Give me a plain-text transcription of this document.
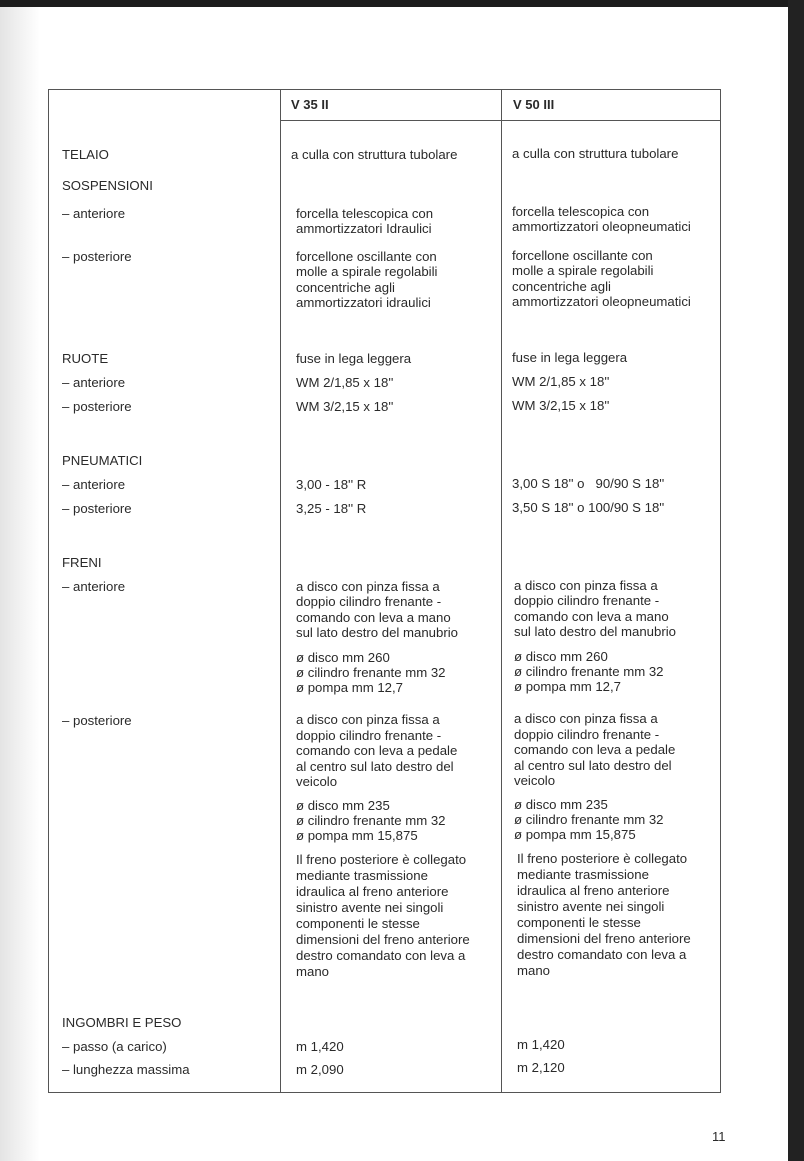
V 35 II	V 50 III
TELAIO
SOSPENSIONI
– anteriore
– posteriore
RUOTE
– anteriore
– posteriore
PNEUMATICI
– anteriore
– posteriore
FRENI
– anteriore
– posteriore
INGOMBRI E PESO
– passo (a carico)
– lunghezza massima
a culla con struttura tubolare
forcella telescopica con
ammortizzatori Idraulici
forcellone oscillante con
molle a spirale regolabili
concentriche agli
ammortizzatori idraulici
fuse in lega leggera
WM 2/1,85 x 18''
WM 3/2,15 x 18''
3,00 - 18'' R
3,25 - 18'' R
a disco con pinza fissa a
doppio cilindro frenante -
comando con leva a mano
sul lato destro del manubrio
ø disco mm 260
ø cilindro frenante mm 32
ø pompa mm 12,7
a disco con pinza fissa a
doppio cilindro frenante -
comando con leva a pedale
al centro sul lato destro del
veicolo
ø disco mm 235
ø cilindro frenante mm 32
ø pompa mm 15,875
Il freno posteriore è collegato
mediante trasmissione
idraulica al freno anteriore
sinistro avente nei singoli
componenti le stesse
dimensioni del freno anteriore
destro comandato con leva a
mano
m 1,420
m 2,090
a culla con struttura tubolare
forcella telescopica con
ammortizzatori oleopneumatici
forcellone oscillante con
molle a spirale regolabili
concentriche agli
ammortizzatori oleopneumatici
fuse in lega leggera
WM 2/1,85 x 18''
WM 3/2,15 x 18''
3,00 S 18'' o   90/90 S 18''
3,50 S 18'' o 100/90 S 18''
a disco con pinza fissa a
doppio cilindro frenante -
comando con leva a mano
sul lato destro del manubrio
ø disco mm 260
ø cilindro frenante mm 32
ø pompa mm 12,7
a disco con pinza fissa a
doppio cilindro frenante -
comando con leva a pedale
al centro sul lato destro del
veicolo
ø disco mm 235
ø cilindro frenante mm 32
ø pompa mm 15,875
Il freno posteriore è collegato
mediante trasmissione
idraulica al freno anteriore
sinistro avente nei singoli
componenti le stesse
dimensioni del freno anteriore
destro comandato con leva a
mano
m 1,420
m 2,120
11
